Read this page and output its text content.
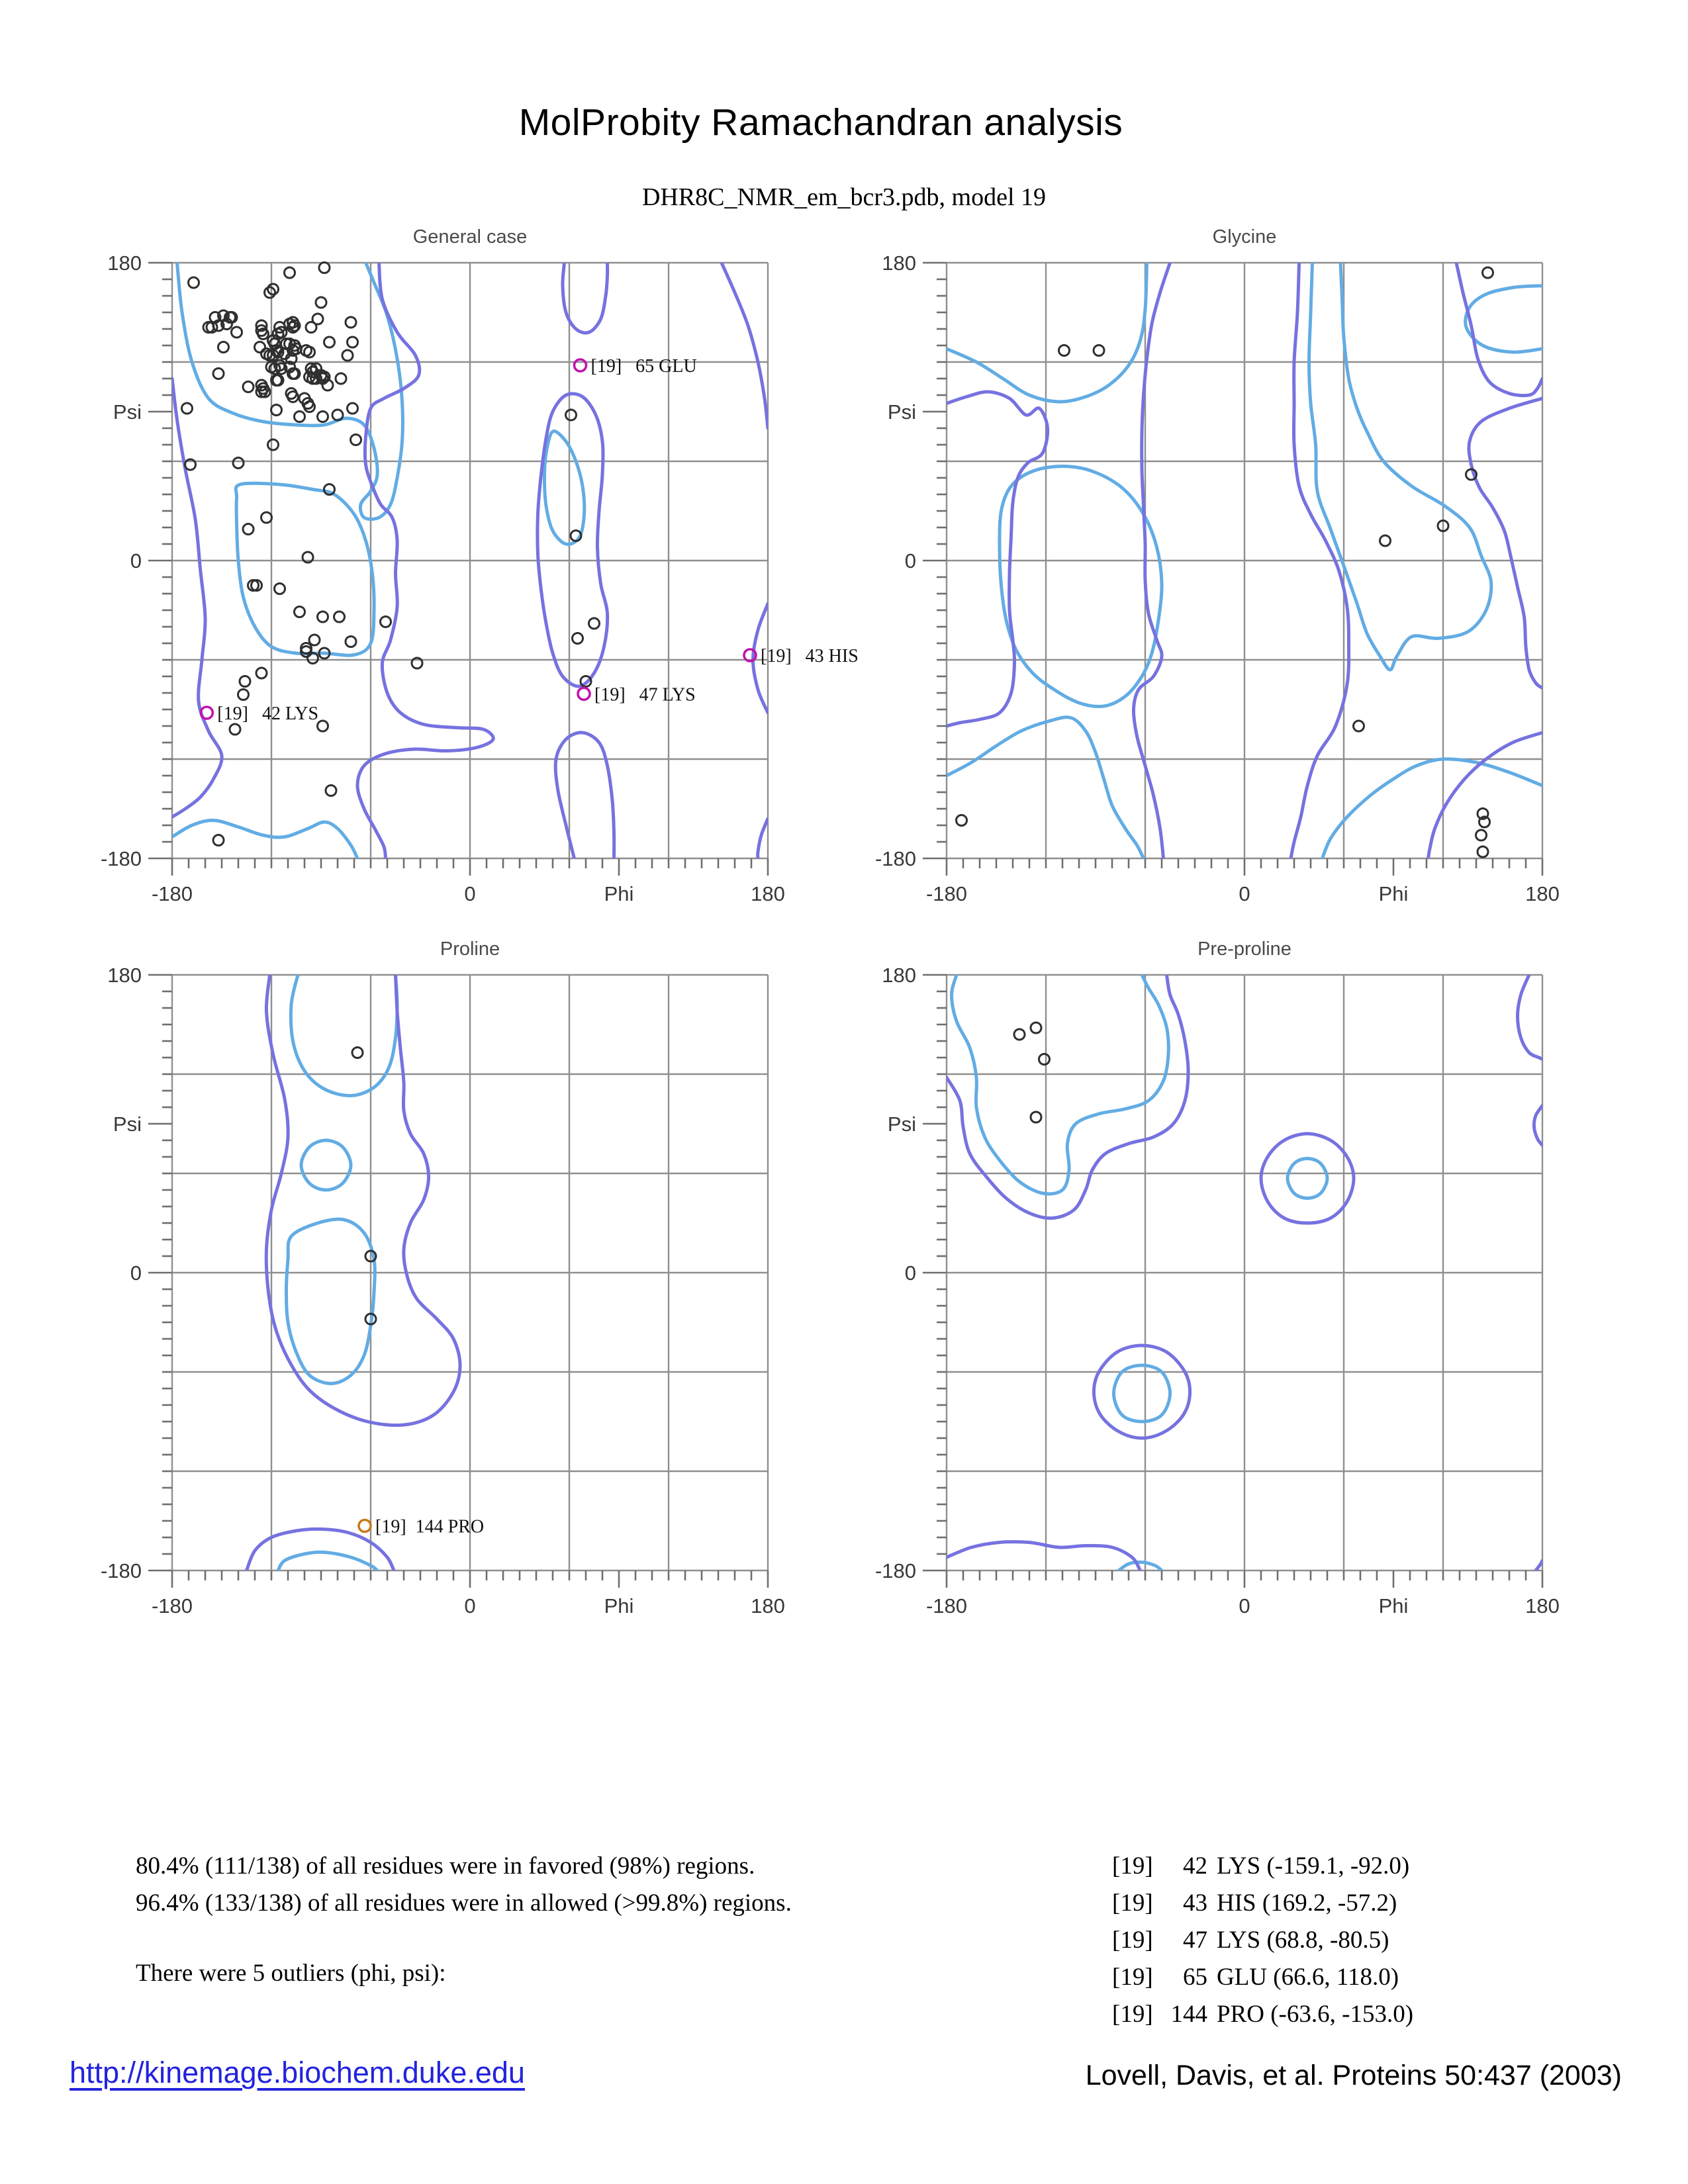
MolProbity Ramachandran analysis
DHR8C_NMR_em_bcr3.pdb, model 19
General case
180
Psi
0
-180
-180	0	Phi	180
[19]   65 GLU
[19]   43 HIS
[19]   47 LYS
[19]   42 LYS
Glycine
180
Psi
0
-180
-180	0	Phi	180
Proline
180
Psi
0
-180
-180	0	Phi	180
[19]  144 PRO
Pre-proline
180
Psi
0
-180
-180	0	Phi	180
80.4% (111/138) of all residues were in favored (98%) regions.
96.4% (133/138) of all residues were in allowed (>99.8%) regions.
There were 5 outliers (phi, psi):
[19]	42 LYS (-159.1, -92.0)
[19]	43 HIS (169.2, -57.2)
[19]	47 LYS (68.8, -80.5)
[19]	65 GLU (66.6, 118.0)
[19] 144 PRO (-63.6, -153.0)
http://kinemage.biochem.duke.edu	Lovell, Davis, et al. Proteins 50:437 (2003)
